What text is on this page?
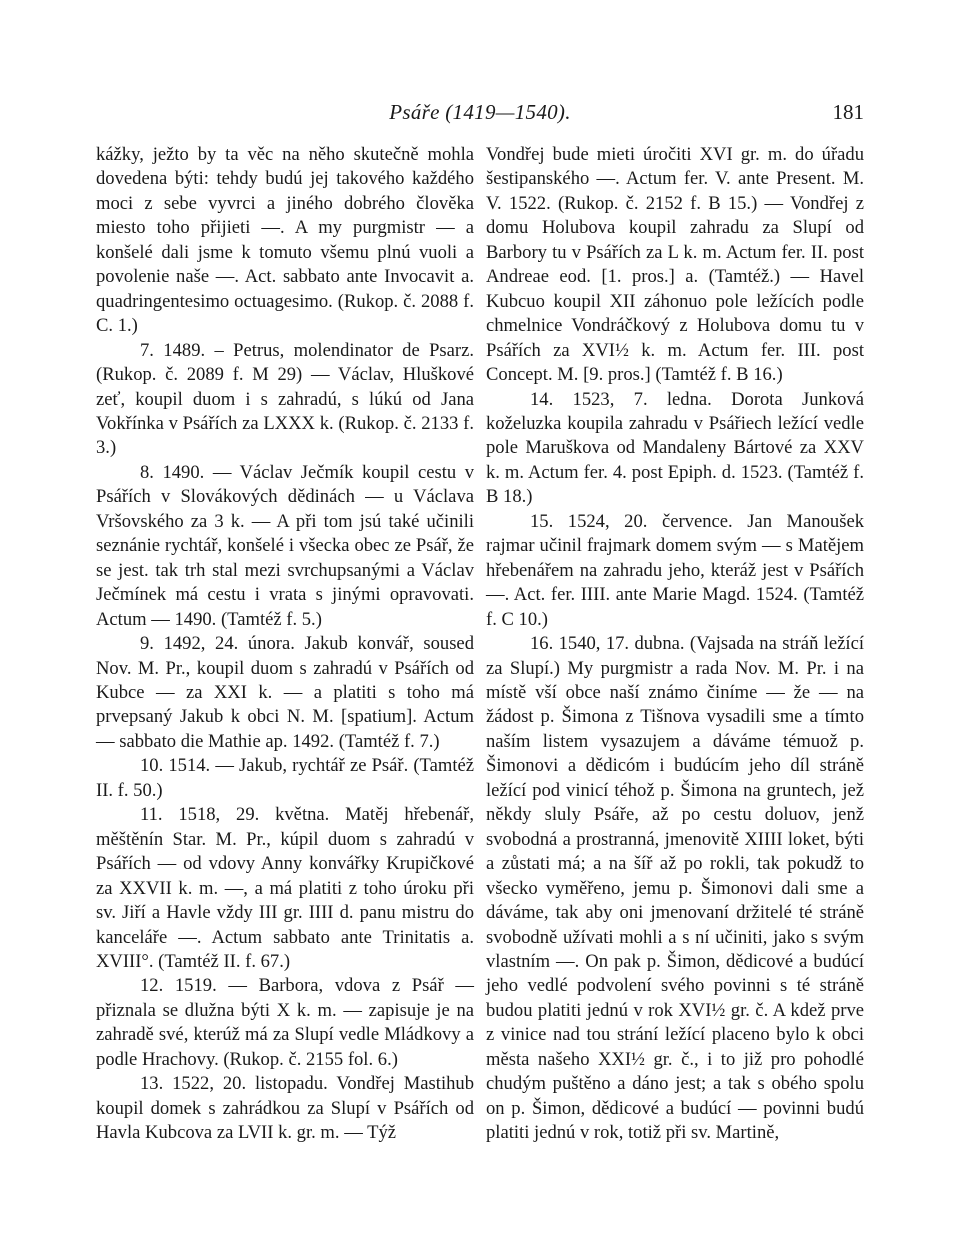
Psáře (1419—1540).	181

kážky, ježto by ta věc na něho skutečně mohla dovedena býti: tehdy budú jej takového každého moci z sebe vyvrci a jiného dobrého člověka miesto toho přijieti —. A my purgmistr — a konšelé dali jsme k tomuto všemu plnú vuoli a povolenie naše —. Act. sabbato ante Invocavit a. quadringentesimo octuagesimo. (Rukop. č. 2088 f. C. 1.)

7. 1489. – Petrus, molendinator de Psarz. (Rukop. č. 2089 f. M 29) — Václav, Hluškové zeť, koupil duom i s zahradú, s lúkú od Jana Vokřínka v Psářích za LXXX k. (Rukop. č. 2133 f. 3.)

8. 1490. — Václav Ječmík koupil cestu v Psářích v Slovákových dědinách — u Václava Vršovského za 3 k. — A při tom jsú také učinili seznánie rychtář, konšelé i všecka obec ze Psář, že se jest. tak trh stal mezi svrchupsanými a Václav Ječmínek má cestu i vrata s jinými opravovati. Actum — 1490. (Tamtéž f. 5.)

9. 1492, 24. února. Jakub konvář, soused Nov. M. Pr., koupil duom s zahradú v Psářích od Kubce — za XXI k. — a platiti s toho má prvepsaný Jakub k obci N. M. [spatium]. Actum — sabbato die Mathie ap. 1492. (Tamtéž f. 7.)

10. 1514. — Jakub, rychtář ze Psář. (Tamtéž II. f. 50.)

11. 1518, 29. května. Matěj hřebenář, měštěnín Star. M. Pr., kúpil duom s zahradú v Psářích — od vdovy Anny konvářky Krupičkové za XXVII k. m. —, a má platiti z toho úroku při sv. Jiří a Havle vždy III gr. IIII d. panu mistru do kanceláře —. Actum sabbato ante Trinitatis a. XVIII°. (Tamtéž II. f. 67.)

12. 1519. — Barbora, vdova z Psář — přiznala se dlužna býti X k. m. — zapisuje je na zahradě své, kterúž má za Slupí vedle Mládkovy a podle Hrachovy. (Rukop. č. 2155 fol. 6.)

13. 1522, 20. listopadu. Vondřej Mastihub koupil domek s zahrádkou za Slupí v Psářích od Havla Kubcova za LVII k. gr. m. — Týž

Vondřej bude mieti úročiti XVI gr. m. do úřadu šestipanského —. Actum fer. V. ante Present. M. V. 1522. (Rukop. č. 2152 f. B 15.) — Vondřej z domu Holubova koupil zahradu za Slupí od Barbory tu v Psářích za L k. m. Actum fer. II. post Andreae eod. [1. pros.] a. (Tamtéž.) — Havel Kubcuo koupil XII záhonuo pole ležících podle chmelnice Vondráčkový z Holubova domu tu v Psářích za XVI½ k. m. Actum fer. III. post Concept. M. [9. pros.] (Tamtéž f. B 16.)

14. 1523, 7. ledna. Dorota Junková koželuzka koupila zahradu v Psářiech ležící vedle pole Maruškova od Mandaleny Bártové za XXV k. m. Actum fer. 4. post Epiph. d. 1523. (Tamtéž f. B 18.)

15. 1524, 20. července. Jan Manoušek rajmar učinil frajmark domem svým — s Matějem hřebenářem na zahradu jeho, kteráž jest v Psářích —. Act. fer. IIII. ante Marie Magd. 1524. (Tamtéž f. C 10.)

16. 1540, 17. dubna. (Vajsada na stráň ležící za Slupí.) My purgmistr a rada Nov. M. Pr. i na místě vší obce naší známo činíme — že — na žádost p. Šimona z Tišnova vysadili sme a tímto naším listem vysazujem a dáváme témuož p. Šimonovi a dědicóm i budúcím jeho díl stráně ležící pod vinicí téhož p. Šimona na gruntech, jež někdy sluly Psáře, až po cestu doluov, jenž svobodná a prostranná, jmenovitě XIIII loket, býti a zůstati má; a na šíř až po rokli, tak pokudž to všecko vyměřeno, jemu p. Šimonovi dali sme a dáváme, tak aby oni jmenovaní držitelé té stráně svobodně užívati mohli a s ní učiniti, jako s svým vlastním —. On pak p. Šimon, dědicové a budúcí jeho vedlé podvolení svého povinni s té stráně budou platiti jednú v rok XVI½ gr. č. A kdež prve z vinice nad tou strání ležící placeno bylo k obci města našeho XXI½ gr. č., i to již pro pohodlé chudým puštěno a dáno jest; a tak s obého spolu on p. Šimon, dědicové a budúcí — povinni budú platiti jednú v rok, totiž při sv. Martině,
